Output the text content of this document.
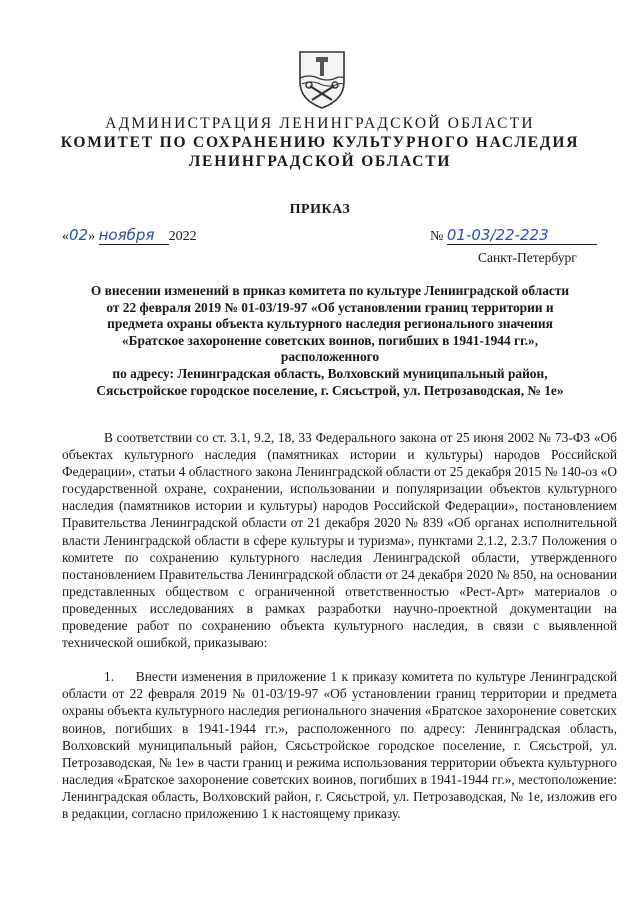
АДМИНИСТРАЦИЯ ЛЕНИНГРАДСКОЙ ОБЛАСТИ
КОМИТЕТ ПО СОХРАНЕНИЮ КУЛЬТУРНОГО НАСЛЕДИЯ
ЛЕНИНГРАДСКОЙ ОБЛАСТИ
ПРИКАЗ
«02» ноября 2022	№ 01-03/22-223
Санкт-Петербург
О внесении изменений в приказ комитета по культуре Ленинградской области
от 22 февраля 2019 № 01-03/19-97 «Об установлении границ территории и
предмета охраны объекта культурного наследия регионального значения
«Братское захоронение советских воинов, погибших в 1941-1944 гг.»,
расположенного
по адресу: Ленинградская область, Волховский муниципальный район,
Сясьстройское городское поселение, г. Сясьстрой, ул. Петрозаводская, № 1е»

В соответствии со ст. 3.1, 9.2, 18, 33 Федерального закона от 25 июня 2002 № 73-ФЗ «Об объектах культурного наследия (памятниках истории и культуры) народов Российской Федерации», статьи 4 областного закона Ленинградской области от 25 декабря 2015 № 140-оз «О государственной охране, сохранении, использовании и популяризации объектов культурного наследия (памятников истории и культуры) народов Российской Федерации», постановлением Правительства Ленинградской области от 21 декабря 2020 № 839 «Об органах исполнительной власти Ленинградской области в сфере культуры и туризма», пунктами 2.1.2, 2.3.7 Положения о комитете по сохранению культурного наследия Ленинградской области, утвержденного постановлением Правительства Ленинградской области от 24 декабря 2020 № 850, на основании представленных обществом с ограниченной ответственностью «Рест-Арт» материалов о проведенных исследованиях в рамках разработки научно-проектной документации на проведение работ по сохранению объекта культурного наследия, в связи с выявленной технической ошибкой, приказываю:

1. Внести изменения в приложение 1 к приказу комитета по культуре Ленинградской области от 22 февраля 2019 № 01-03/19-97 «Об установлении границ территории и предмета охраны объекта культурного наследия регионального значения «Братское захоронение советских воинов, погибших в 1941-1944 гг.», расположенного по адресу: Ленинградская область, Волховский муниципальный район, Сясьстройское городское поселение, г. Сясьстрой, ул. Петрозаводская, № 1е» в части границ и режима использования территории объекта культурного наследия «Братское захоронение советских воинов, погибших в 1941-1944 гг.», местоположение: Ленинградская область, Волховский район, г. Сясьстрой, ул. Петрозаводская, № 1е, изложив его в редакции, согласно приложению 1 к настоящему приказу.
